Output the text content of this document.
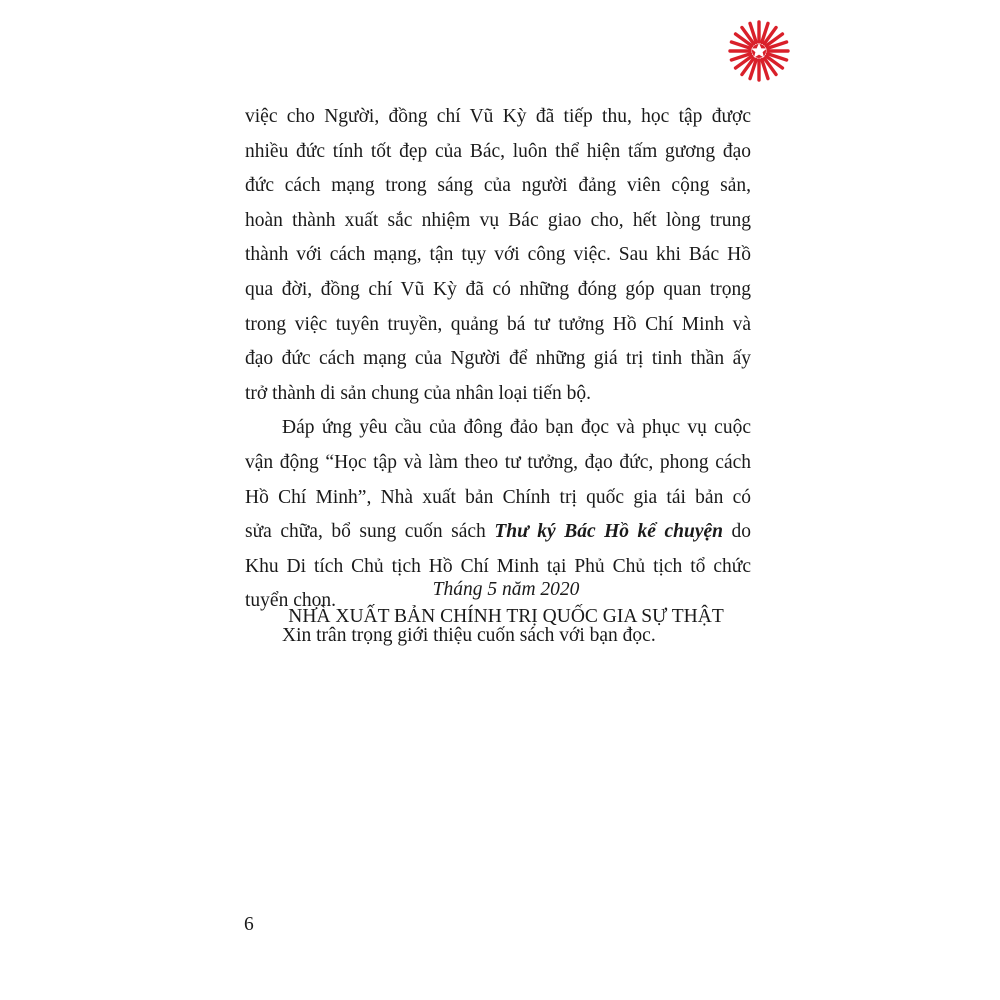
việc cho Người, đồng chí Vũ Kỳ đã tiếp thu, học tập được
nhiều đức tính tốt đẹp của Bác, luôn thể hiện tấm gương đạo
đức cách mạng trong sáng của người đảng viên cộng sản,
hoàn thành xuất sắc nhiệm vụ Bác giao cho, hết lòng trung
thành với cách mạng, tận tụy với công việc. Sau khi Bác Hồ
qua đời, đồng chí Vũ Kỳ đã có những đóng góp quan trọng
trong việc tuyên truyền, quảng bá tư tưởng Hồ Chí Minh và
đạo đức cách mạng của Người để những giá trị tinh thần ấy
trở thành di sản chung của nhân loại tiến bộ.
Đáp ứng yêu cầu của đông đảo bạn đọc và phục vụ cuộc
vận động “Học tập và làm theo tư tưởng, đạo đức, phong cách
Hồ Chí Minh”, Nhà xuất bản Chính trị quốc gia tái bản có
sửa chữa, bổ sung cuốn sách Thư ký Bác Hồ kể chuyện do
Khu Di tích Chủ tịch Hồ Chí Minh tại Phủ Chủ tịch tổ chức
tuyển chọn.
Xin trân trọng giới thiệu cuốn sách với bạn đọc.
Tháng 5 năm 2020
NHÀ XUẤT BẢN CHÍNH TRỊ QUỐC GIA SỰ THẬT
6
